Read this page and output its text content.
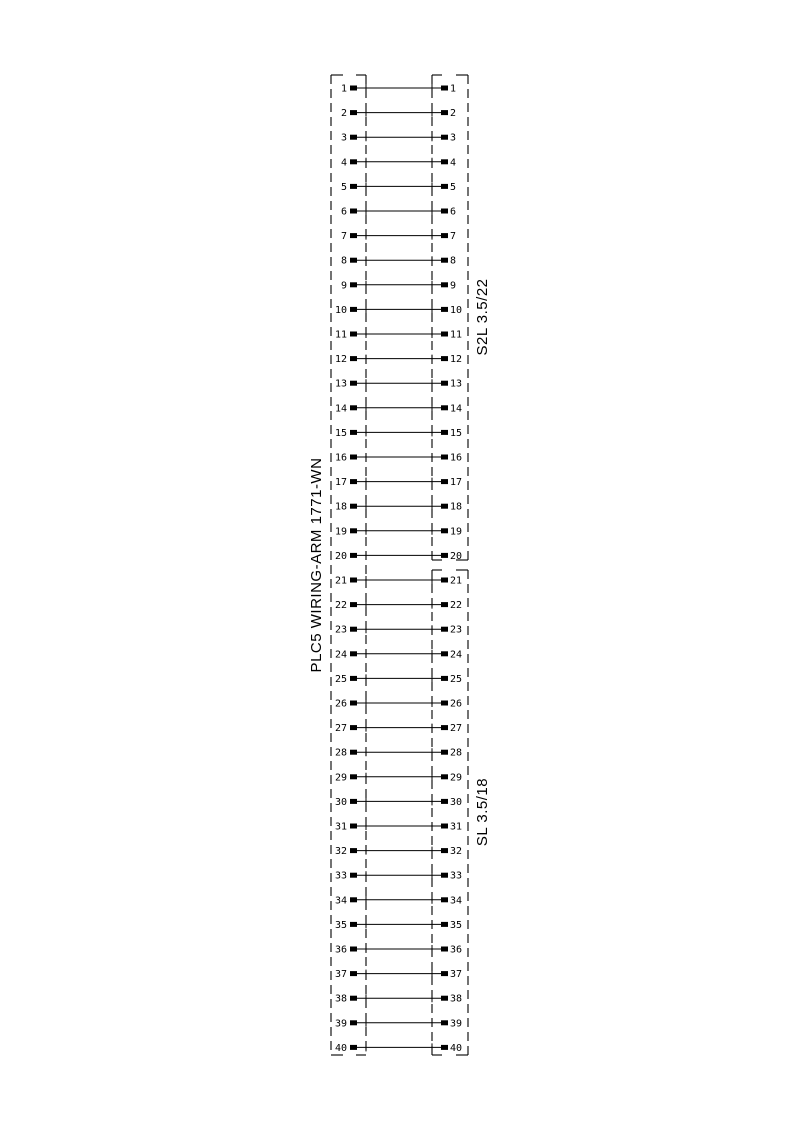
PLC5 WIRING-ARM 1771-WN
S2L 3.5/22
SL 3.5/18
1	1
2	2
3	3
4	4
5	5
6	6
7	7
8	8
9	9
10	10
11	11
12	12
13	13
14	14
15	15
16	16
17	17
18	18
19	19
20	20
21	21
22	22
23	23
24	24
25	25
26	26
27	27
28	28
29	29
30	30
31	31
32	32
33	33
34	34
35	35
36	36
37	37
38	38
39	39
40	40
